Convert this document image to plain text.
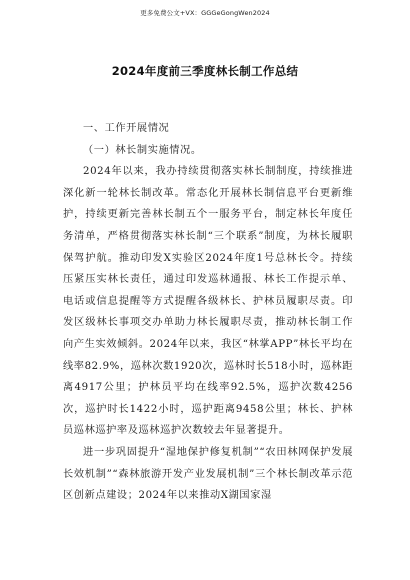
更多免费公文+VX：GGGeGongWen2024
2024年度前三季度林长制工作总结

一、工作开展情况

（一）林长制实施情况。

2024年以来，我办持续贯彻落实林长制制度，持续推进深化新一轮林长制改革。常态化开展林长制信息平台更新维护，持续更新完善林长制五个一服务平台，制定林长年度任务清单，严格贯彻落实林长制“三个联系”制度，为林长履职保驾护航。推动印发X实验区2024年度1号总林长令。持续压紧压实林长责任，通过印发巡林通报、林长工作提示单、电话或信息提醒等方式提醒各级林长、护林员履职尽责。印发区级林长事项交办单助力林长履职尽责，推动林长制工作向产生实效倾斜。2024年以来，我区“林掌APP”林长平均在线率82.9%，巡林次数1920次，巡林时长518小时，巡林距离4917公里；护林员平均在线率92.5%，巡护次数4256次，巡护时长1422小时，巡护距离9458公里；林长、护林员巡林巡护率及巡林巡护次数较去年显著提升。

进一步巩固提升“湿地保护修复机制”“农田林网保护发展长效机制”“森林旅游开发产业发展机制”三个林长制改革示范区创新点建设；2024年以来推动X湖国家湿
